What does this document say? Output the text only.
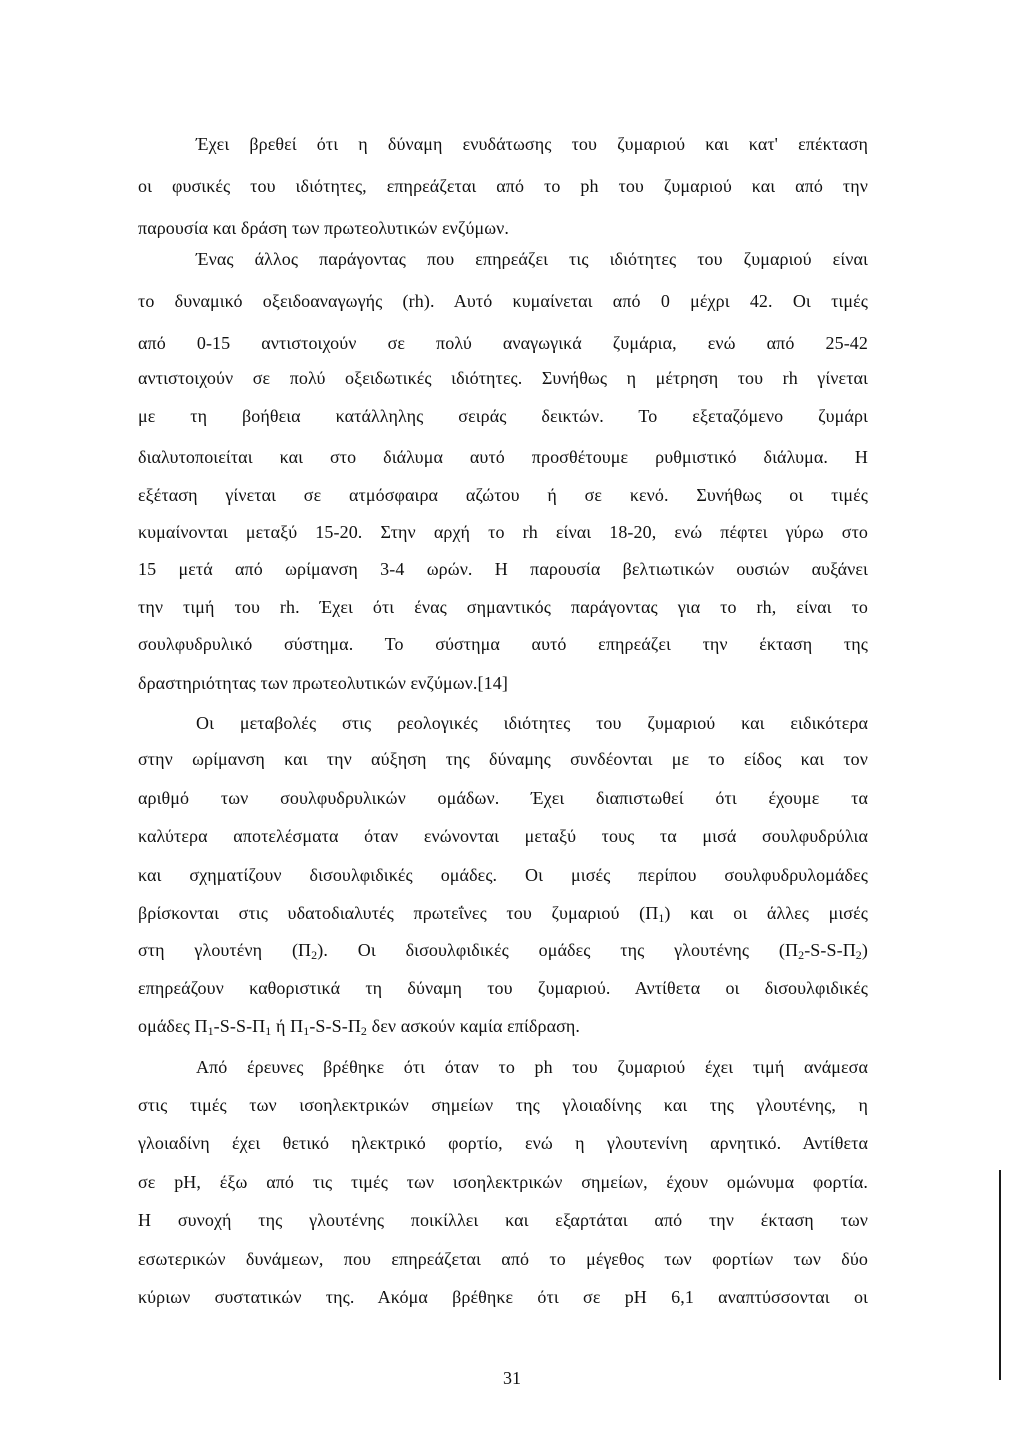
Έχει βρεθεί ότι η δύναμη ενυδάτωσης του ζυμαριού και κατ' επέκταση
οι φυσικές του ιδιότητες, επηρεάζεται από το ph του ζυμαριού και από την
παρουσία και δράση των πρωτεολυτικών ενζύμων.
Ένας άλλος παράγοντας που επηρεάζει τις ιδιότητες του ζυμαριού είναι
το δυναμικό οξειδοαναγωγής (rh). Αυτό κυμαίνεται από 0 μέχρι 42. Οι τιμές
από 0-15 αντιστοιχούν σε πολύ αναγωγικά ζυμάρια, ενώ από 25-42
αντιστοιχούν σε πολύ οξειδωτικές ιδιότητες. Συνήθως η μέτρηση του rh γίνεται
με τη βοήθεια κατάλληλης σειράς δεικτών. Το εξεταζόμενο ζυμάρι
διαλυτοποιείται και στο διάλυμα αυτό προσθέτουμε ρυθμιστικό διάλυμα. Η
εξέταση γίνεται σε ατμόσφαιρα αζώτου ή σε κενό. Συνήθως οι τιμές
κυμαίνονται μεταξύ 15-20. Στην αρχή το rh είναι 18-20, ενώ πέφτει γύρω στο
15 μετά από ωρίμανση 3-4 ωρών. Η παρουσία βελτιωτικών ουσιών αυξάνει
την τιμή του rh. Έχει ότι ένας σημαντικός παράγοντας για το rh, είναι το
σουλφυδρυλικό σύστημα. Το σύστημα αυτό επηρεάζει την έκταση της
δραστηριότητας των πρωτεολυτικών ενζύμων.[14]
Οι μεταβολές στις ρεολογικές ιδιότητες του ζυμαριού και ειδικότερα
στην ωρίμανση και την αύξηση της δύναμης συνδέονται με το είδος και τον
αριθμό των σουλφυδρυλικών ομάδων. Έχει διαπιστωθεί ότι έχουμε τα
καλύτερα αποτελέσματα όταν ενώνονται μεταξύ τους τα μισά σουλφυδρύλια
και σχηματίζουν δισουλφιδικές ομάδες. Οι μισές περίπου σουλφυδρυλομάδες
βρίσκονται στις υδατοδιαλυτές πρωτεΐνες του ζυμαριού $(\Pi_1)$ και οι άλλες μισές
στη γλουτένη $(\Pi_2)$. Οι δισουλφιδικές ομάδες της γλουτένης $(\Pi_2-S-S-\Pi_2)$
επηρεάζουν καθοριστικά τη δύναμη του ζυμαριού. Αντίθετα οι δισουλφιδικές
ομάδες $\Pi_1-S-S-\Pi_1$ ή $\Pi_1-S-S-\Pi_2$ δεν ασκούν καμία επίδραση.
Από έρευνες βρέθηκε ότι όταν το ph του ζυμαριού έχει τιμή ανάμεσα
στις τιμές των ισοηλεκτρικών σημείων της γλοιαδίνης και της γλουτένης, η
γλοιαδίνη έχει θετικό ηλεκτρικό φορτίο, ενώ η γλουτενίνη αρνητικό. Αντίθετα
σε pH, έξω από τις τιμές των ισοηλεκτρικών σημείων, έχουν ομώνυμα φορτία.
Η συνοχή της γλουτένης ποικίλλει και εξαρτάται από την έκταση των
εσωτερικών δυνάμεων, που επηρεάζεται από το μέγεθος των φορτίων των δύο
κύριων συστατικών της. Ακόμα βρέθηκε ότι σε pH 6,1 αναπτύσσονται οι
31
